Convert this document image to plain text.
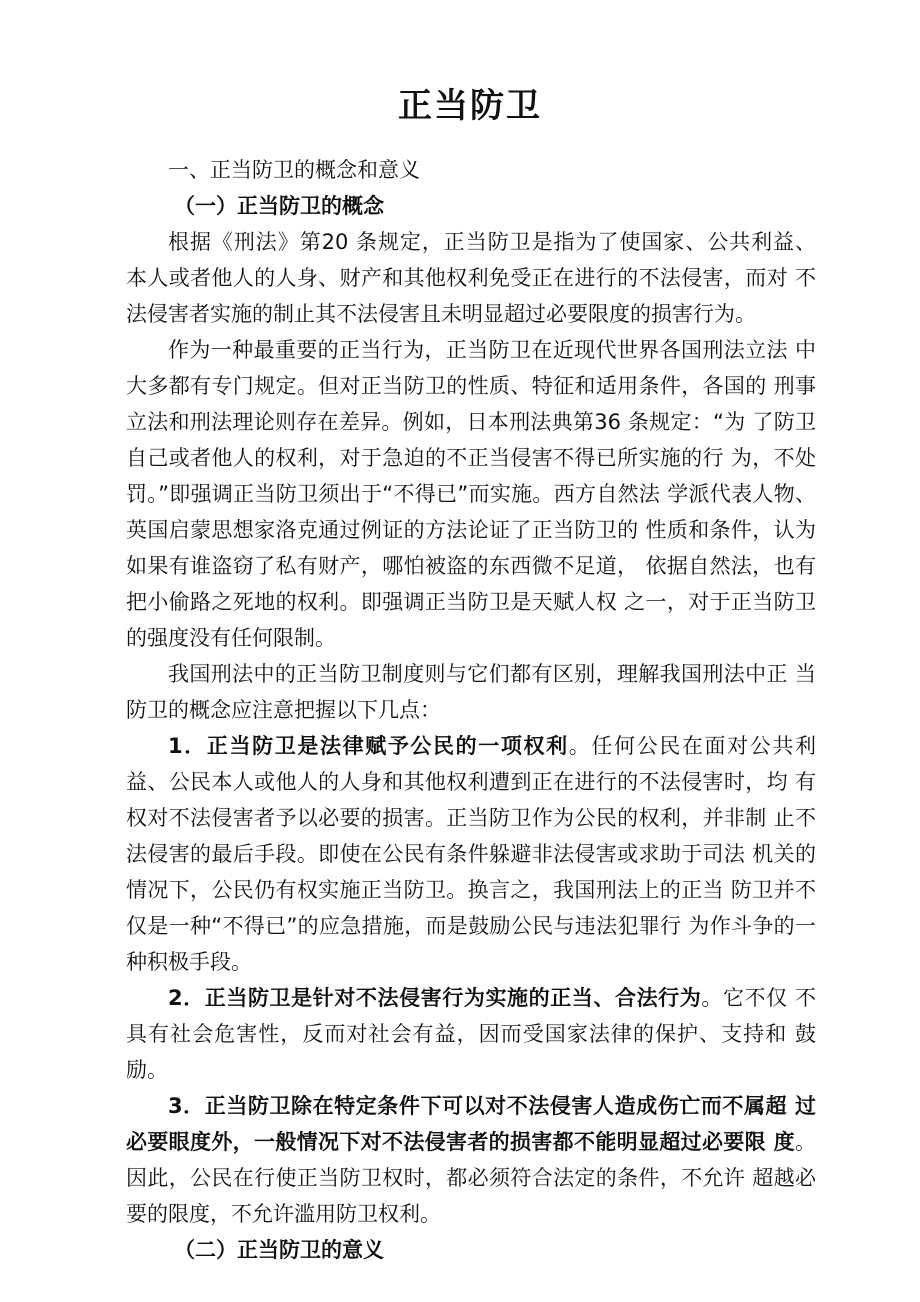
正当防卫

一、正当防卫的概念和意义

（一）正当防卫的概念

根据《刑法》第20 条规定，正当防卫是指为了使国家、公共利益、 本人或者他人的人身、财产和其他权利免受正在进行的不法侵害，而对 不法侵害者实施的制止其不法侵害且未明显超过必要限度的损害行为。

作为一种最重要的正当行为，正当防卫在近现代世界各国刑法立法 中大多都有专门规定。但对正当防卫的性质、特征和适用条件，各国的 刑事立法和刑法理论则存在差异。例如，日本刑法典第36 条规定：“为 了防卫自己或者他人的权利，对于急迫的不正当侵害不得已所实施的行 为，不处罚。”即强调正当防卫须出于“不得已”而实施。西方自然法 学派代表人物、英国启蒙思想家洛克通过例证的方法论证了正当防卫的 性质和条件，认为如果有谁盗窃了私有财产，哪怕被盗的东西微不足道， 依据自然法，也有把小偷路之死地的权利。即强调正当防卫是天赋人权 之一，对于正当防卫的强度没有任何限制。

我国刑法中的正当防卫制度则与它们都有区别，理解我国刑法中正 当防卫的概念应注意把握以下几点：

1．正当防卫是法律赋予公民的一项权利。任何公民在面对公共利 益、公民本人或他人的人身和其他权利遭到正在进行的不法侵害时，均 有权对不法侵害者予以必要的损害。正当防卫作为公民的权利，并非制 止不法侵害的最后手段。即使在公民有条件躲避非法侵害或求助于司法 机关的情况下，公民仍有权实施正当防卫。换言之，我国刑法上的正当 防卫并不仅是一种“不得已”的应急措施，而是鼓励公民与违法犯罪行 为作斗争的一种积极手段。

2．正当防卫是针对不法侵害行为实施的正当、合法行为。它不仅 不具有社会危害性，反而对社会有益，因而受国家法律的保护、支持和 鼓励。

3．正当防卫除在特定条件下可以对不法侵害人造成伤亡而不属超 过必要眼度外，一般情况下对不法侵害者的损害都不能明显超过必要限 度。因此，公民在行使正当防卫权时，都必须符合法定的条件，不允许 超越必要的限度，不允许滥用防卫权利。

（二）正当防卫的意义
